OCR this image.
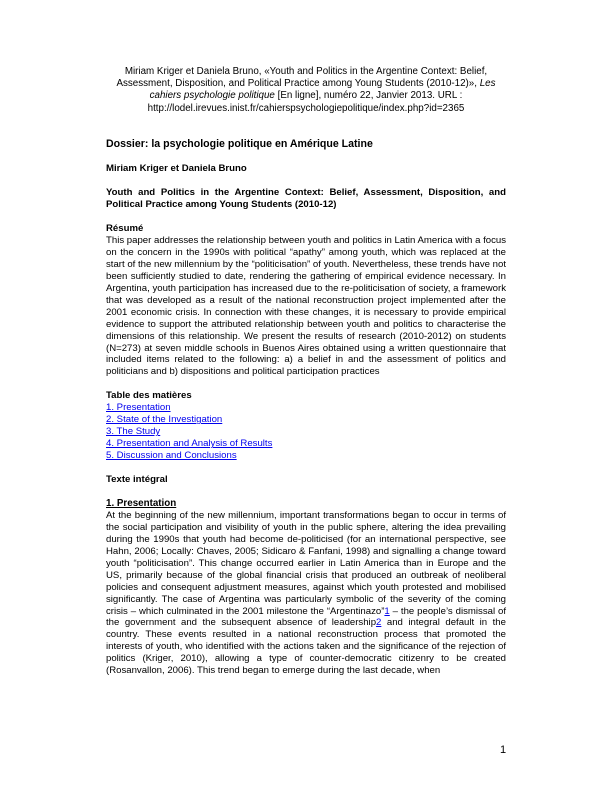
Miriam Kriger et Daniela Bruno, «Youth and Politics in the Argentine Context: Belief, Assessment, Disposition, and Political Practice among Young Students (2010-12)», Les cahiers psychologie politique [En ligne], numéro 22, Janvier 2013. URL : http://lodel.irevues.inist.fr/cahierspsychologiepolitique/index.php?id=2365
Dossier: la psychologie politique en Amérique Latine
Miriam Kriger et Daniela Bruno
Youth and Politics in the Argentine Context: Belief, Assessment, Disposition, and Political Practice among Young Students (2010-12)
Résumé

This paper addresses the relationship between youth and politics in Latin America with a focus on the concern in the 1990s with political “apathy” among youth, which was replaced at the start of the new millennium by the “politicisation” of youth. Nevertheless, these trends have not been sufficiently studied to date, rendering the gathering of empirical evidence necessary. In Argentina, youth participation has increased due to the re-politicisation of society, a framework that was developed as a result of the national reconstruction project implemented after the 2001 economic crisis. In connection with these changes, it is necessary to provide empirical evidence to support the attributed relationship between youth and politics to characterise the dimensions of this relationship. We present the results of research (2010-2012) on students (N=273) at seven middle schools in Buenos Aires obtained using a written questionnaire that included items related to the following: a) a belief in and the assessment of politics and politicians and b) dispositions and political participation practices

Table des matières
1. Presentation
2. State of the Investigation
3. The Study
4. Presentation and Analysis of Results
5. Discussion and Conclusions
Texte intégral
1. Presentation

At the beginning of the new millennium, important transformations began to occur in terms of the social participation and visibility of youth in the public sphere, altering the idea prevailing during the 1990s that youth had become de-politicised (for an international perspective, see Hahn, 2006; Locally: Chaves, 2005; Sidicaro & Fanfani, 1998) and signalling a change toward youth “politicisation”. This change occurred earlier in Latin America than in Europe and the US, primarily because of the global financial crisis that produced an outbreak of neoliberal policies and consequent adjustment measures, against which youth protested and mobilised significantly. The case of Argentina was particularly symbolic of the severity of the coming crisis – which culminated in the 2001 milestone the “Argentinazo”1 – the people’s dismissal of the government and the subsequent absence of leadership2 and integral default in the country. These events resulted in a national reconstruction process that promoted the interests of youth, who identified with the actions taken and the significance of the rejection of politics (Kriger, 2010), allowing a type of counter-democratic citizenry to be created (Rosanvallon, 2006). This trend began to emerge during the last decade, when

1
